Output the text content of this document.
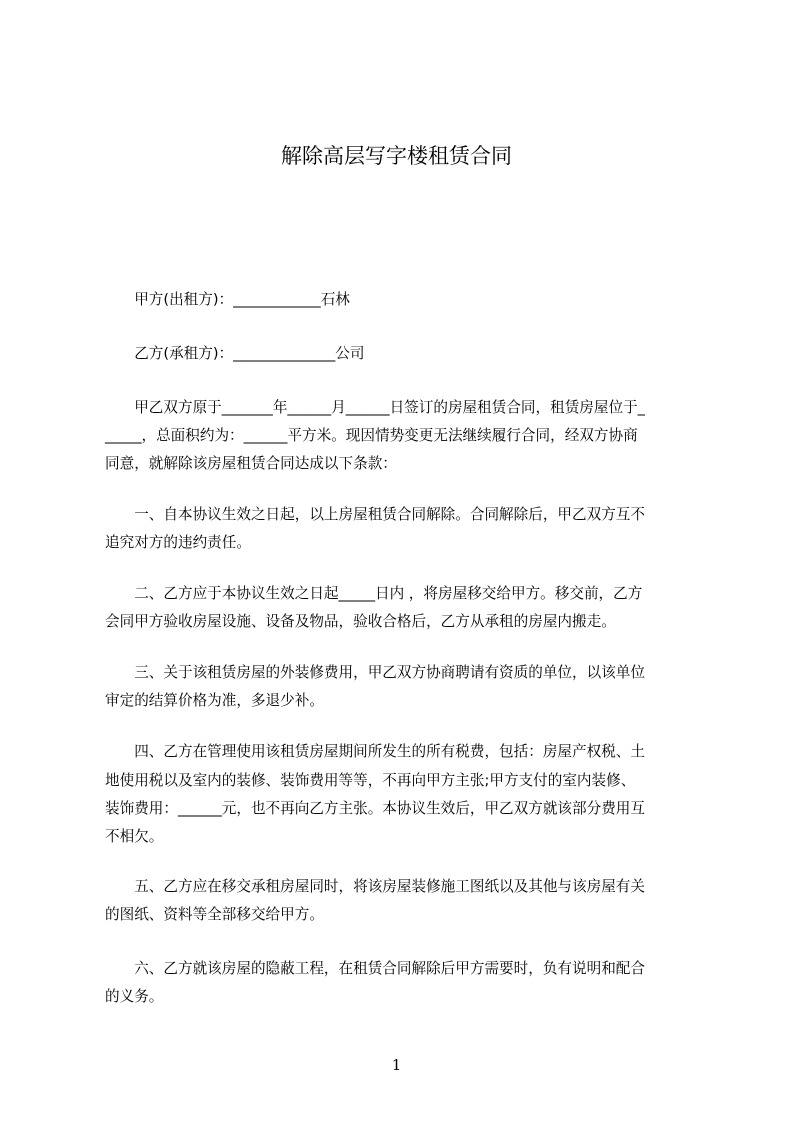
解除高层写字楼租赁合同

　　甲方(出租方)：____________石林

　　乙方(承租方)：______________公司

　　甲乙双方原于_______年______月______日签订的房屋租赁合同，租赁房屋位于_

_____，总面积约为：______平方米。现因情势变更无法继续履行合同，经双方协商

同意，就解除该房屋租赁合同达成以下条款：

　　一、自本协议生效之日起，以上房屋租赁合同解除。合同解除后，甲乙双方互不

追究对方的违约责任。

　　二、乙方应于本协议生效之日起_____日内 ，将房屋移交给甲方。移交前，乙方

会同甲方验收房屋设施、设备及物品，验收合格后，乙方从承租的房屋内搬走。

　　三、关于该租赁房屋的外装修费用，甲乙双方协商聘请有资质的单位，以该单位

审定的结算价格为准，多退少补。

　　四、乙方在管理使用该租赁房屋期间所发生的所有税费，包括：房屋产权税、土

地使用税以及室内的装修、装饰费用等等，不再向甲方主张;甲方支付的室内装修、

装饰费用：______元，也不再向乙方主张。本协议生效后，甲乙双方就该部分费用互

不相欠。

　　五、乙方应在移交承租房屋同时，将该房屋装修施工图纸以及其他与该房屋有关

的图纸、资料等全部移交给甲方。

　　六、乙方就该房屋的隐蔽工程，在租赁合同解除后甲方需要时，负有说明和配合

的义务。

1
